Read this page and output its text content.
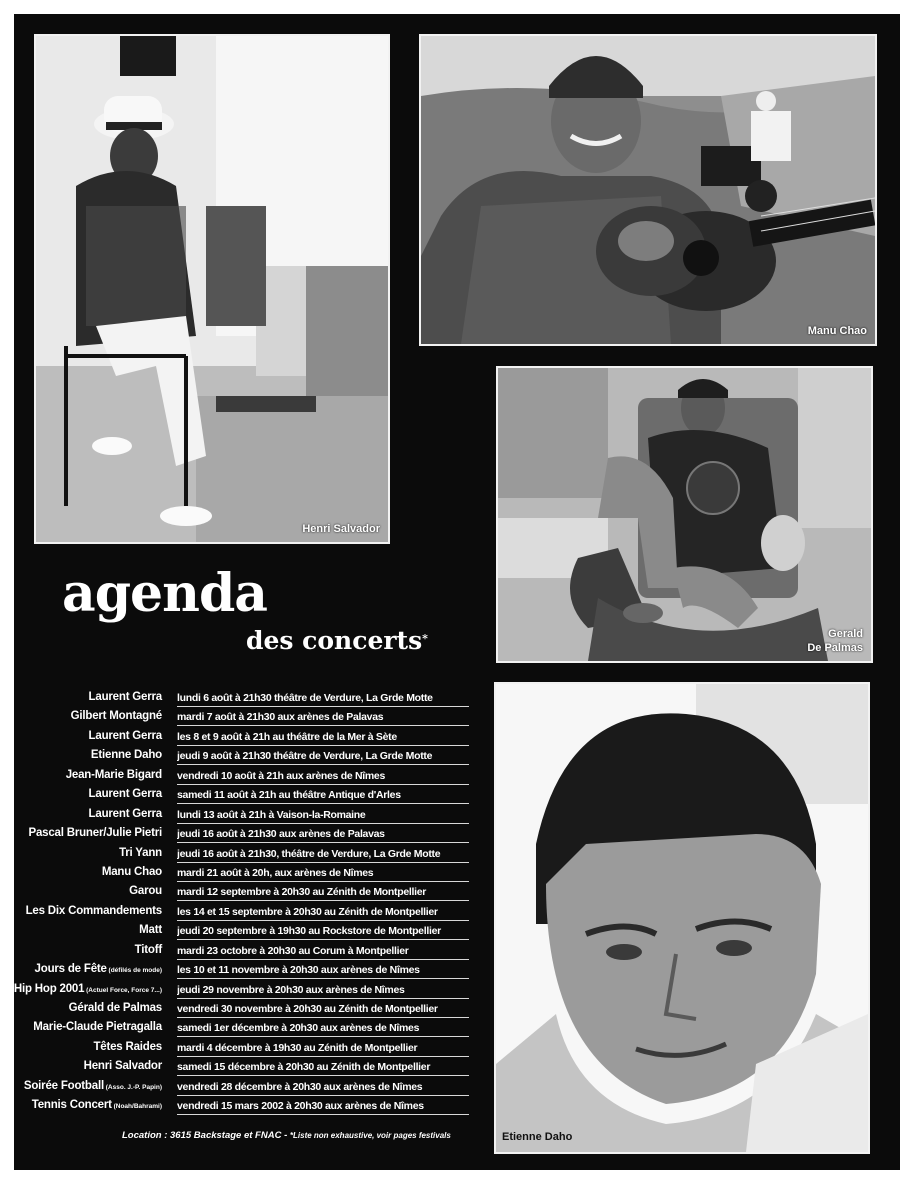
Henri Salvador
Manu Chao
Gerald
De Palmas
Etienne Daho
agenda
des concerts*
Laurent Gerra lundi 6 août à 21h30 théâtre de Verdure, La Grde Motte
Gilbert Montagné mardi 7 août à 21h30 aux arènes de Palavas
Laurent Gerra les 8 et 9 août à 21h au théâtre de la Mer à Sète
Etienne Daho jeudi 9 août à 21h30 théâtre de Verdure, La Grde Motte
Jean-Marie Bigard vendredi 10 août à 21h aux arènes de Nîmes
Laurent Gerra samedi 11 août à 21h au théâtre Antique d'Arles
Laurent Gerra lundi 13 août à 21h à Vaison-la-Romaine
Pascal Bruner/Julie Pietri jeudi 16 août à 21h30 aux arènes de Palavas
Tri Yann jeudi 16 août à 21h30, théâtre de Verdure, La Grde Motte
Manu Chao mardi 21 août à 20h, aux arènes de Nîmes
Garou mardi 12 septembre à 20h30 au Zénith de Montpellier
Les Dix Commandements les 14 et 15 septembre à 20h30 au Zénith de Montpellier
Matt jeudi 20 septembre à 19h30 au Rockstore de Montpellier
Titoff mardi 23 octobre à 20h30 au Corum à Montpellier
Jours de Fête (défilés de mode) les 10 et 11 novembre à 20h30 aux arènes de Nîmes
Hip Hop 2001 (Actuel Force, Force 7...) jeudi 29 novembre à 20h30 aux arènes de Nîmes
Gérald de Palmas vendredi 30 novembre à 20h30 au Zénith de Montpellier
Marie-Claude Pietragalla samedi 1er décembre à 20h30 aux arènes de Nîmes
Têtes Raides mardi 4 décembre à 19h30 au Zénith de Montpellier
Henri Salvador samedi 15 décembre à 20h30 au Zénith de Montpellier
Soirée Football (Asso. J.-P. Papin) vendredi 28 décembre à 20h30 aux arènes de Nîmes
Tennis Concert (Noah/Bahrami) vendredi 15 mars 2002 à 20h30 aux arènes de Nîmes
Location : 3615 Backstage et FNAC - *Liste non exhaustive, voir pages festivals
